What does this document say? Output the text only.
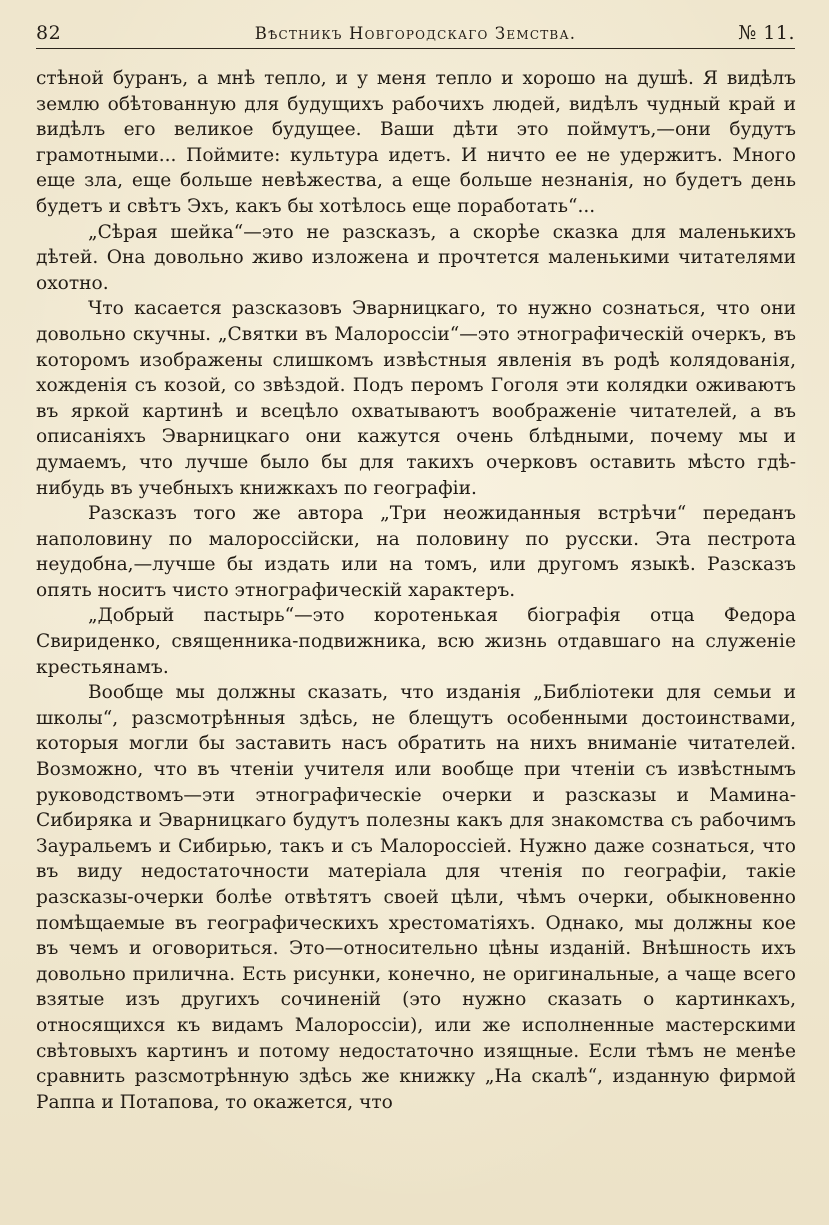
82	Вѣстникъ Новгородскаго Земства.	№ 11.

стѣной буранъ, а мнѣ тепло, и у меня тепло и хорошо на душѣ. Я видѣлъ землю обѣтованную для будущихъ рабочихъ людей, видѣлъ чудный край и видѣлъ его великое будущее. Ваши дѣти это поймутъ,—они будутъ грамотными... Поймите: культура идетъ. И ничто ее не удержитъ. Много еще зла, еще больше невѣжества, а еще больше незнанія, но будетъ день будетъ и свѣтъ Эхъ, какъ бы хотѣлось еще поработать“...

„Сѣрая шейка“—это не разсказъ, а скорѣе сказка для маленькихъ дѣтей. Она довольно живо изложена и прочтется маленькими читателями охотно.

Что касается разсказовъ Эварницкаго, то нужно сознаться, что они довольно скучны. „Святки въ Малороссіи“—это этнографическій очеркъ, въ которомъ изображены слишкомъ извѣстныя явленія въ родѣ колядованія, хожденія съ козой, со звѣздой. Подъ перомъ Гоголя эти колядки оживаютъ въ яркой картинѣ и всецѣло охватываютъ воображеніе читателей, а въ описаніяхъ Эварницкаго они кажутся очень блѣдными, почему мы и думаемъ, что лучше было бы для такихъ очерковъ оставить мѣсто гдѣ-нибудь въ учебныхъ книжкахъ по географіи.

Разсказъ того же автора „Три неожиданныя встрѣчи“ переданъ наполовину по малороссійски, на половину по русски. Эта пестрота неудобна,—лучше бы издать или на томъ, или другомъ языкѣ. Разсказъ опять носитъ чисто этнографическій характеръ.

„Добрый пастырь“—это коротенькая біографія отца Федора Свириденко, священника-подвижника, всю жизнь отдавшаго на служеніе крестьянамъ.

Вообще мы должны сказать, что изданія „Библіотеки для семьи и школы“, разсмотрѣнныя здѣсь, не блещутъ особенными достоинствами, которыя могли бы заставить насъ обратить на нихъ вниманіе читателей. Возможно, что въ чтеніи учителя или вообще при чтеніи съ извѣстнымъ руководствомъ—эти этнографическіе очерки и разсказы и Мамина-Сибиряка и Эварницкаго будутъ полезны какъ для знакомства съ рабочимъ Зауральемъ и Сибирью, такъ и съ Малороссіей. Нужно даже сознаться, что въ виду недостаточности матеріала для чтенія по географіи, такіе разсказы-очерки болѣе отвѣтятъ своей цѣли, чѣмъ очерки, обыкновенно помѣщаемые въ географическихъ хрестоматіяхъ. Однако, мы должны кое въ чемъ и оговориться. Это—относительно цѣны изданій. Внѣшность ихъ довольно прилична. Есть рисунки, конечно, не оригинальные, а чаще всего взятые изъ другихъ сочиненій (это нужно сказать о картинкахъ, относящихся къ видамъ Малороссіи), или же исполненные мастерскими свѣтовыхъ картинъ и потому недостаточно изящные. Если тѣмъ не менѣе сравнить разсмотрѣнную здѣсь же книжку „На скалѣ“, изданную фирмой Раппа и Потапова, то окажется, что
